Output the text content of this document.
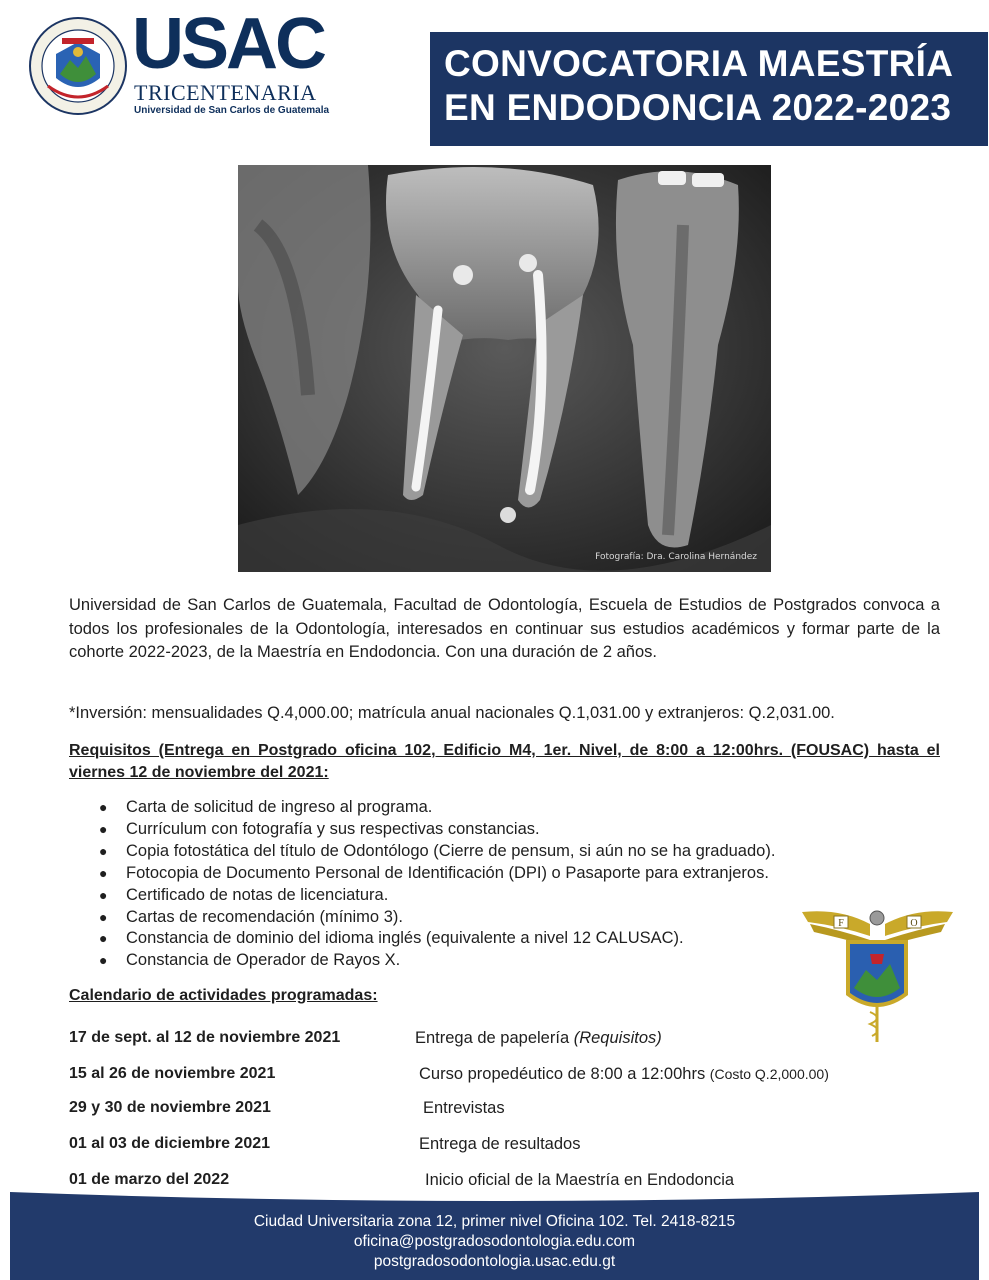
USAC
TRICENTENARIA
Universidad de San Carlos de Guatemala
CONVOCATORIA MAESTRÍA
EN ENDODONCIA 2022-2023
Fotografía: Dra. Carolina Hernández

Universidad de San Carlos de Guatemala, Facultad de Odontología, Escuela de Estudios de Postgrados convoca a todos los profesionales de la Odontología, interesados en continuar sus estudios académicos y formar parte de la cohorte 2022-2023, de la Maestría en Endodoncia. Con una duración de 2 años.

*Inversión: mensualidades Q.4,000.00; matrícula anual nacionales Q.1,031.00 y extranjeros: Q.2,031.00.

Requisitos (Entrega en Postgrado oficina 102, Edificio M4, 1er. Nivel, de 8:00 a 12:00hrs. (FOUSAC) hasta el viernes 12 de noviembre del 2021:

●	Carta de solicitud de ingreso al programa.
●	Currículum con fotografía y sus respectivas constancias.
●	Copia fotostática del título de Odontólogo (Cierre de pensum, si aún no se ha graduado).
●	Fotocopia de Documento Personal de Identificación (DPI) o Pasaporte para extranjeros.
●	Certificado de notas de licenciatura.
●	Cartas de recomendación (mínimo 3).
●	Constancia de dominio del idioma inglés (equivalente a nivel 12 CALUSAC).
●	Constancia de Operador de Rayos X.
F	O

Calendario de actividades programadas:

17 de sept. al 12 de noviembre 2021	Entrega de papelería (Requisitos)
15 al 26 de noviembre 2021	Curso propedéutico de 8:00 a 12:00hrs (Costo Q.2,000.00)
29 y 30 de noviembre 2021	Entrevistas
01 al 03 de diciembre 2021	Entrega de resultados
01 de marzo del 2022	Inicio oficial de la Maestría en Endodoncia
Ciudad Universitaria zona 12, primer nivel Oficina 102. Tel. 2418-8215
oficina@postgradosodontologia.edu.com
postgradosodontologia.usac.edu.gt
